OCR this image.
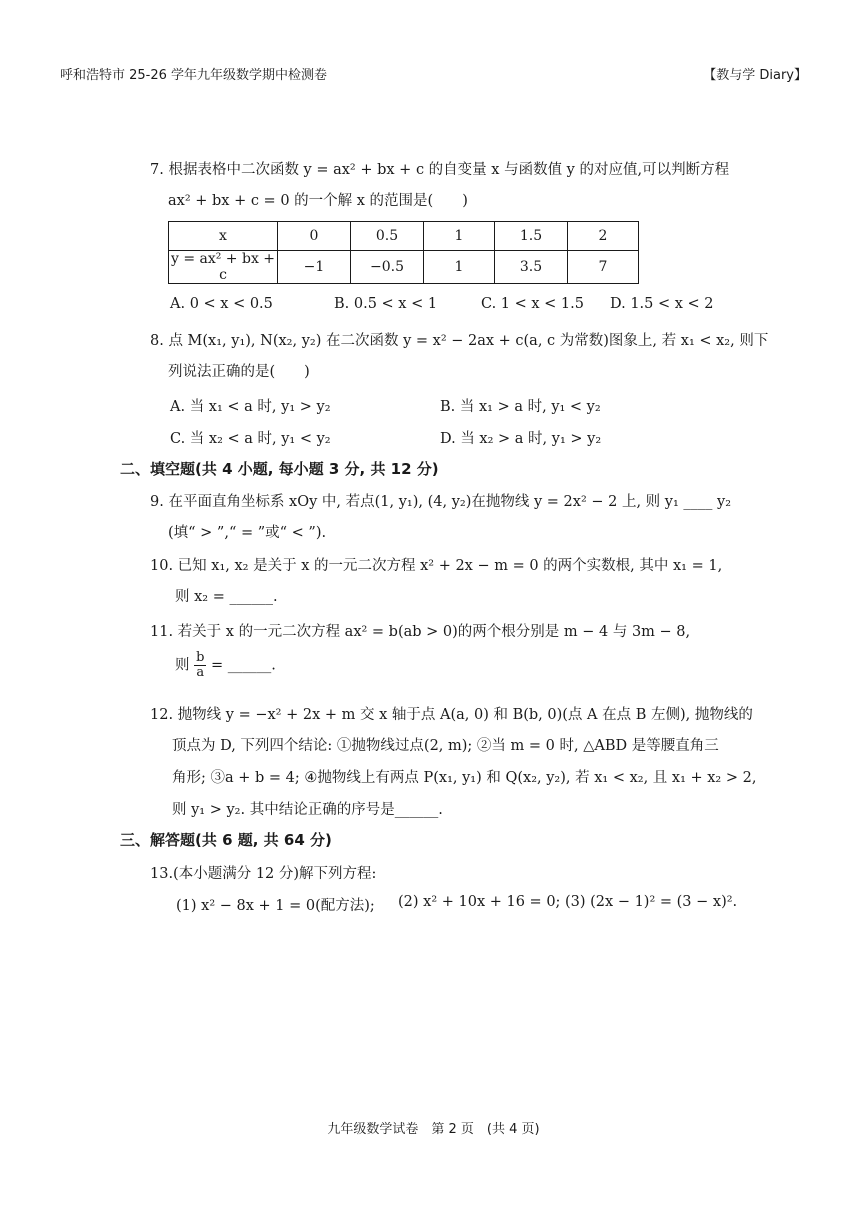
呼和浩特市 25-26 学年九年级数学期中检测卷	【教与学 Diary】
7. 根据表格中二次函数 y = ax² + bx + c 的自变量 x 与函数值 y 的对应值,可以判断方程
ax² + bx + c = 0 的一个解 x 的范围是(　　)
x	0	0.5	1	1.5	2
y = ax² + bx + c	−1	−0.5	1	3.5	7
A. 0 < x < 0.5	B. 0.5 < x < 1	C. 1 < x < 1.5 D. 1.5 < x < 2
8. 点 M(x₁, y₁), N(x₂, y₂) 在二次函数 y = x² − 2ax + c(a, c 为常数)图象上, 若 x₁ < x₂, 则下
列说法正确的是(　　)
A. 当 x₁ < a 时, y₁ > y₂	B. 当 x₁ > a 时, y₁ < y₂
C. 当 x₂ < a 时, y₁ < y₂	D. 当 x₂ > a 时, y₁ > y₂
二、填空题(共 4 小题, 每小题 3 分, 共 12 分)
9. 在平面直角坐标系 xOy 中, 若点(1, y₁), (4, y₂)在抛物线 y = 2x² − 2 上, 则 y₁ ____ y₂
(填“ > ”,“ = ”或“ < ”).
10. 已知 x₁, x₂ 是关于 x 的一元二次方程 x² + 2x − m = 0 的两个实数根, 其中 x₁ = 1,
则 x₂ = ______.
11. 若关于 x 的一元二次方程 ax² = b(ab > 0)的两个根分别是 m − 4 与 3m − 8,
则 $\frac{b}{a}$ = ______.
12. 抛物线 y = −x² + 2x + m 交 x 轴于点 A(a, 0) 和 B(b, 0)(点 A 在点 B 左侧), 抛物线的
顶点为 D, 下列四个结论: ①抛物线过点(2, m); ②当 m = 0 时, △ABD 是等腰直角三
角形; ③a + b = 4; ④抛物线上有两点 P(x₁, y₁) 和 Q(x₂, y₂), 若 x₁ < x₂, 且 x₁ + x₂ > 2,
则 y₁ > y₂. 其中结论正确的序号是______.
三、解答题(共 6 题, 共 64 分)
13.(本小题满分 12 分)解下列方程:
(1) x² − 8x + 1 = 0(配方法); (2) x² + 10x + 16 = 0; (3) (2x − 1)² = (3 − x)².
九年级数学试卷　第 2 页　(共 4 页)
